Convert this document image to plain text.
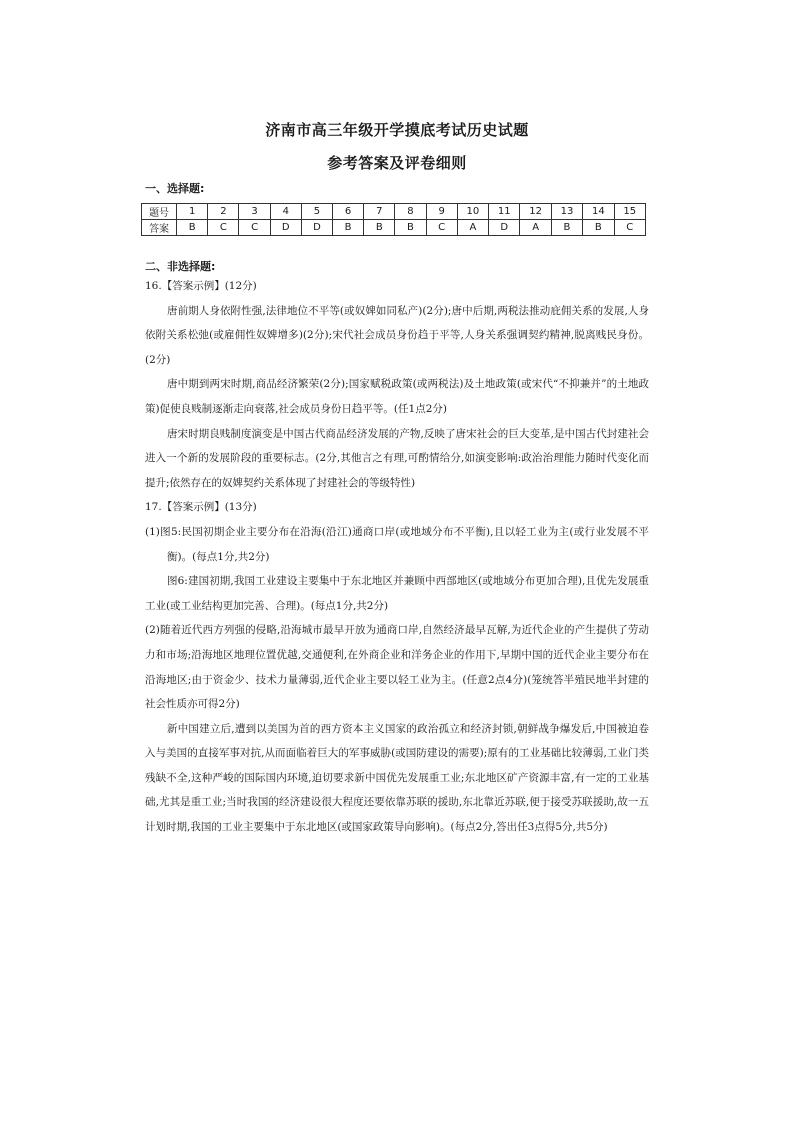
济南市高三年级开学摸底考试历史试题
参考答案及评卷细则
一、选择题:
题号	1	2	3	4	5	6	7	8	9	10	11	12	13	14	15
答案	B	C	C	D	D	B	B	B	C	A	D	A	B	B	C
二、非选择题:

16.【答案示例】(12分)

唐前期人身依附性强,法律地位不平等(或奴婢如同私产)(2分);唐中后期,两税法推动庇佣关系的发展,人身依附关系松弛(或雇佣性奴婢增多)(2分);宋代社会成员身份趋于平等,人身关系强调契约精神,脱离贱民身份。(2分)

唐中期到两宋时期,商品经济繁荣(2分);国家赋税政策(或两税法)及土地政策(或宋代“不抑兼并”的土地政策)促使良贱制逐渐走向衰落,社会成员身份日趋平等。(任1点2分)

唐宋时期良贱制度演变是中国古代商品经济发展的产物,反映了唐宋社会的巨大变革,是中国古代封建社会进入一个新的发展阶段的重要标志。(2分,其他言之有理,可酌情给分,如演变影响:政治治理能力随时代变化而提升;依然存在的奴婢契约关系体现了封建社会的等级特性)

17.【答案示例】(13分)

(1)图5:民国初期企业主要分布在沿海(沿江)通商口岸(或地域分布不平衡),且以轻工业为主(或行业发展不平衡)。(每点1分,共2分)

图6:建国初期,我国工业建设主要集中于东北地区并兼顾中西部地区(或地域分布更加合理),且优先发展重工业(或工业结构更加完善、合理)。(每点1分,共2分)

(2)随着近代西方列强的侵略,沿海城市最早开放为通商口岸,自然经济最早瓦解,为近代企业的产生提供了劳动力和市场;沿海地区地理位置优越,交通便利,在外商企业和洋务企业的作用下,早期中国的近代企业主要分布在沿海地区;由于资金少、技术力量薄弱,近代企业主要以轻工业为主。(任意2点4分)(笼统答半殖民地半封建的社会性质亦可得2分)

新中国建立后,遭到以美国为首的西方资本主义国家的政治孤立和经济封锁,朝鲜战争爆发后,中国被迫卷入与美国的直接军事对抗,从而面临着巨大的军事威胁(或国防建设的需要);原有的工业基础比较薄弱,工业门类残缺不全,这种严峻的国际国内环境,迫切要求新中国优先发展重工业;东北地区矿产资源丰富,有一定的工业基础,尤其是重工业;当时我国的经济建设很大程度还要依靠苏联的援助,东北靠近苏联,便于接受苏联援助,故一五计划时期,我国的工业主要集中于东北地区(或国家政策导向影响)。(每点2分,答出任3点得5分,共5分)
